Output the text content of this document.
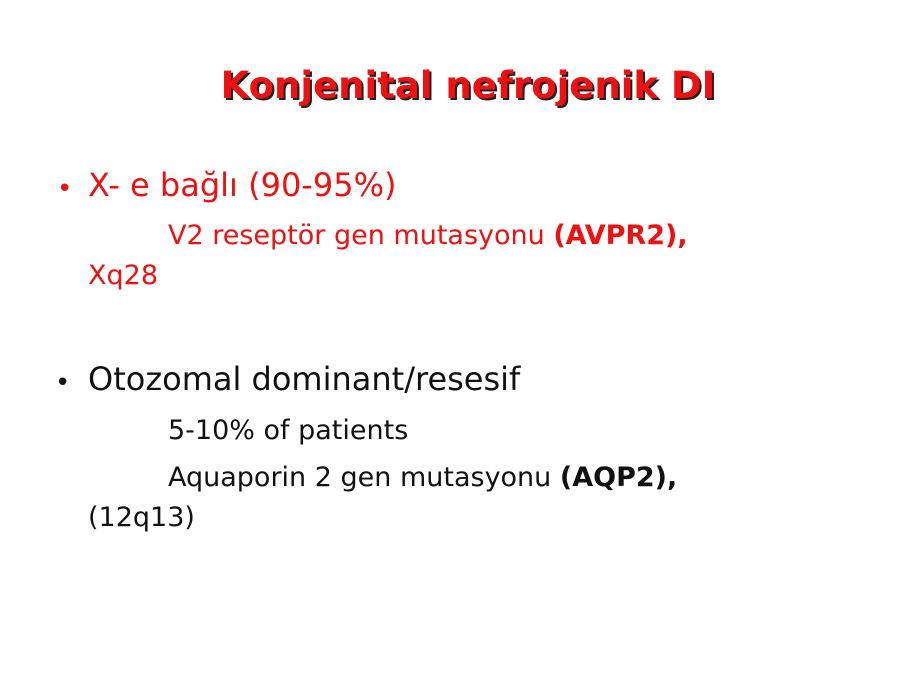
Konjenital nefrojenik DI
• X- e bağlı (90-95%)
V2 reseptör gen mutasyonu (AVPR2),
Xq28
• Otozomal dominant/resesif
5-10% of patients
Aquaporin 2 gen mutasyonu (AQP2),
(12q13)
